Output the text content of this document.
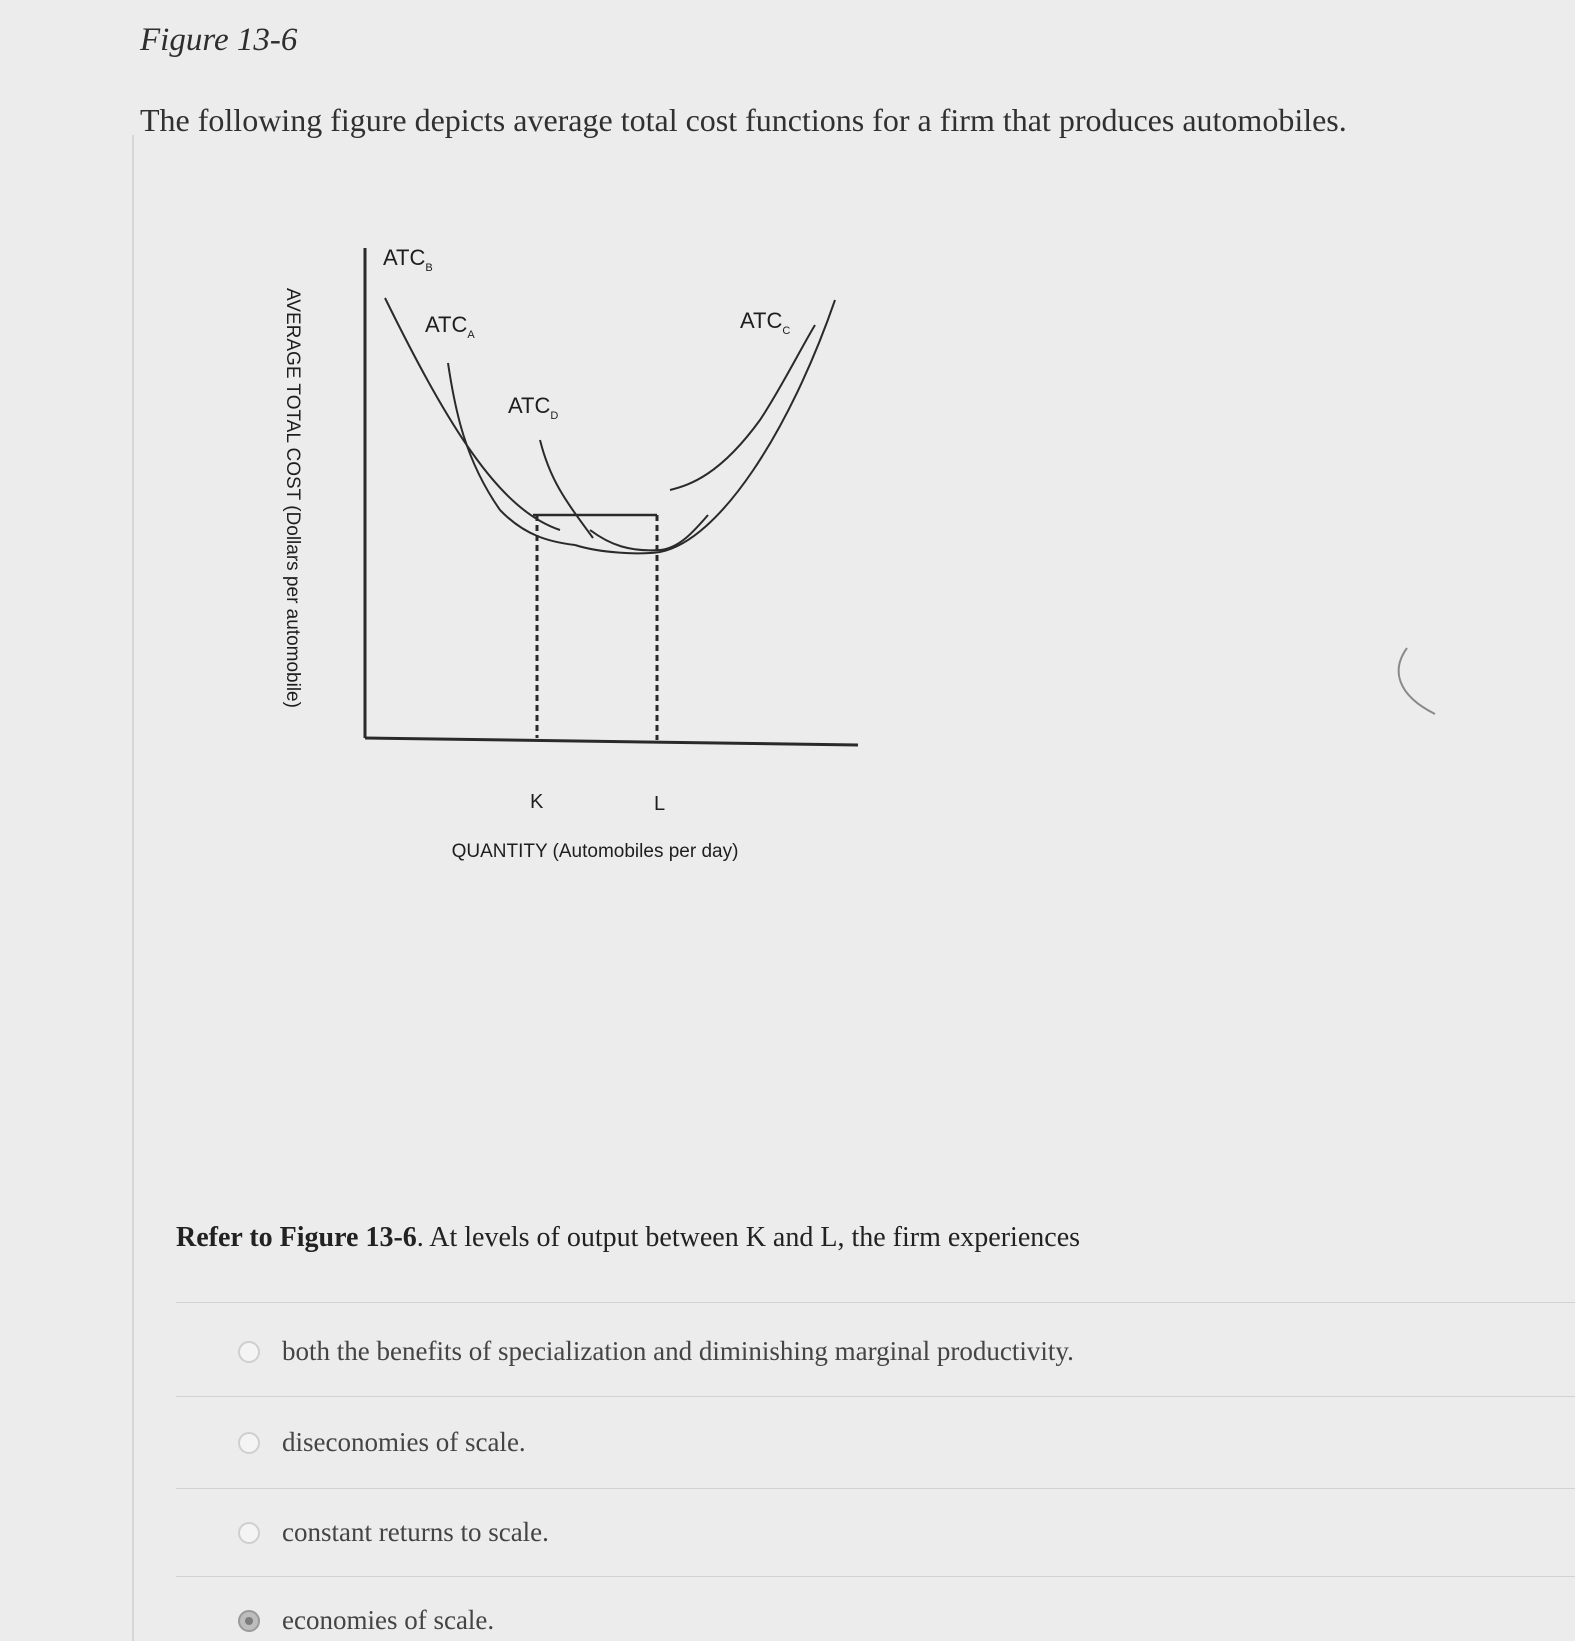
Figure 13-6
The following figure depicts average total cost functions for a firm that produces automobiles.
AVERAGE TOTAL COST (Dollars per automobile)
$ATC_B$
$ATC_A$
$ATC_D$
$ATC_C$
K	L
QUANTITY (Automobiles per day)
Refer to Figure 13-6. At levels of output between K and L, the firm experiences
both the benefits of specialization and diminishing marginal productivity.
diseconomies of scale.
constant returns to scale.
economies of scale.
